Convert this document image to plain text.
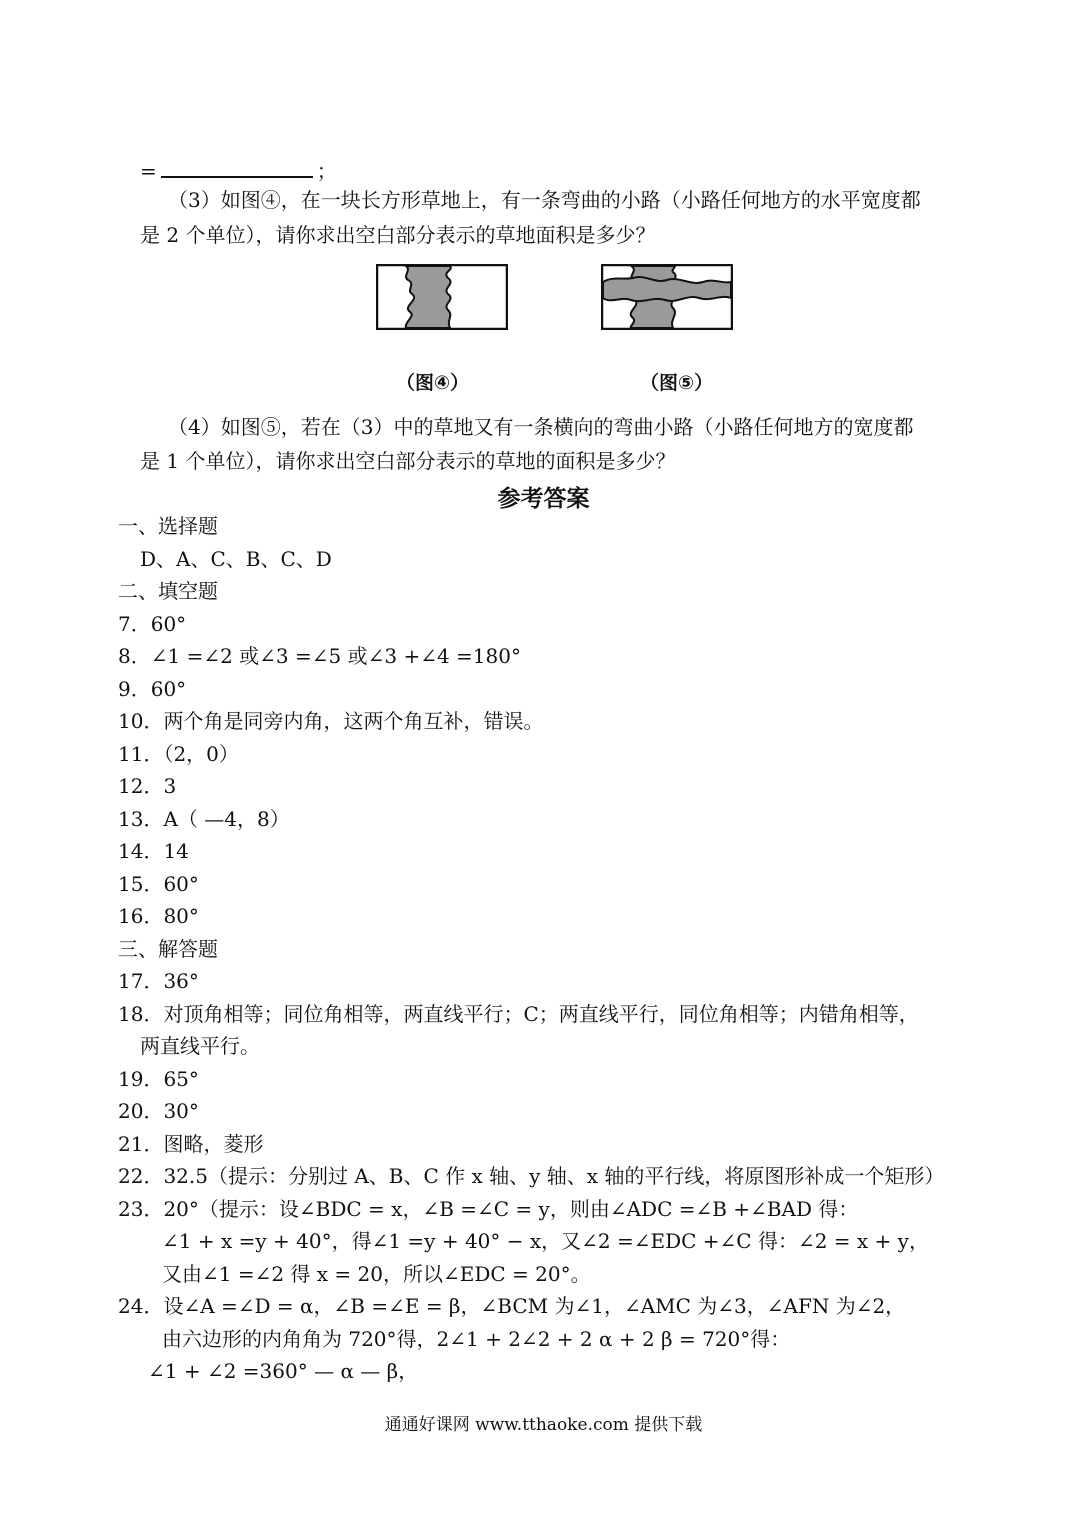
=	；
（3）如图④，在一块长方形草地上，有一条弯曲的小路（小路任何地方的水平宽度都
是 2 个单位），请你求出空白部分表示的草地面积是多少？
（图④）	（图⑤）
（4）如图⑤，若在（3）中的草地又有一条横向的弯曲小路（小路任何地方的宽度都
是 1 个单位），请你求出空白部分表示的草地的面积是多少？
参考答案
一、选择题
D、A、C、B、C、D
二、填空题
7．60°
8．∠1 =∠2 或∠3 =∠5 或∠3 +∠4 =180°
9．60°
10．两个角是同旁内角，这两个角互补，错误。
11．（2，0）
12．3
13．A（ —4，8）
14．14
15．60°
16．80°
三、解答题
17．36°
18．对顶角相等；同位角相等，两直线平行；C；两直线平行，同位角相等；内错角相等，
两直线平行。
19．65°
20．30°
21．图略，菱形
22．32.5（提示：分别过 A、B、C 作 x 轴、y 轴、x 轴的平行线，将原图形补成一个矩形）
23．20°（提示：设∠BDC = x，∠B =∠C = y，则由∠ADC =∠B +∠BAD 得：
∠1 + x =y + 40°，得∠1 =y + 40° − x，又∠2 =∠EDC +∠C 得：∠2 = x + y，
又由∠1 =∠2 得 x = 20，所以∠EDC = 20°。
24．设∠A =∠D = α，∠B =∠E = β，∠BCM 为∠1，∠AMC 为∠3，∠AFN 为∠2，
由六边形的内角角为 720°得，2∠1 + 2∠2 + 2 α + 2 β = 720°得：
∠1 + ∠2 =360° — α — β，
通通好课网 www.tthaoke.com 提供下载
